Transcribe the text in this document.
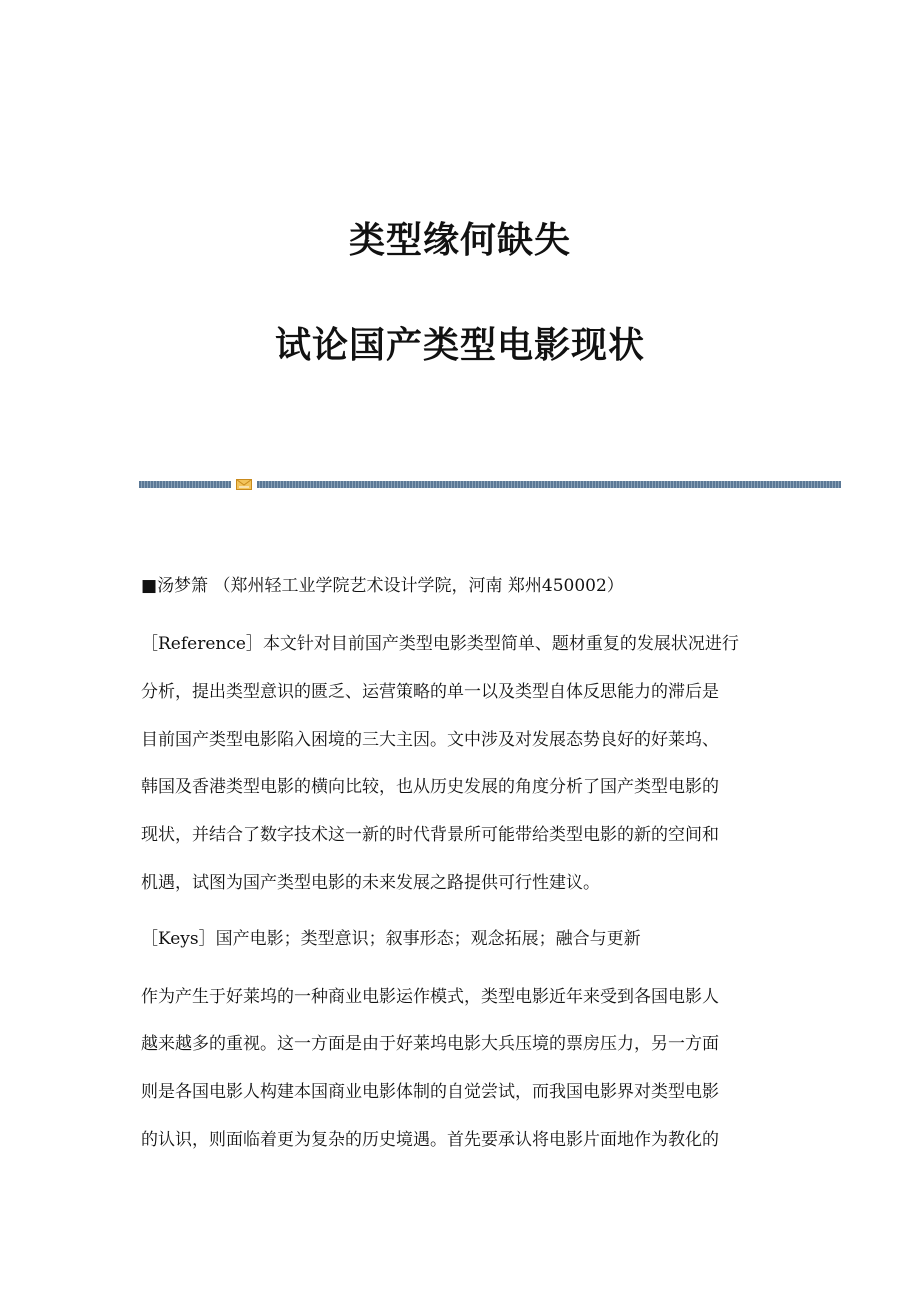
类型缘何缺失
试论国产类型电影现状
■汤梦箫 （郑州轻工业学院艺术设计学院，河南 郑州450002）
［Reference］本文针对目前国产类型电影类型简单、题材重复的发展状况进行
分析，提出类型意识的匮乏、运营策略的单一以及类型自体反思能力的滞后是
目前国产类型电影陷入困境的三大主因。文中涉及对发展态势良好的好莱坞、
韩国及香港类型电影的横向比较，也从历史发展的角度分析了国产类型电影的
现状，并结合了数字技术这一新的时代背景所可能带给类型电影的新的空间和
机遇，试图为国产类型电影的未来发展之路提供可行性建议。
［Keys］国产电影；类型意识；叙事形态；观念拓展；融合与更新
作为产生于好莱坞的一种商业电影运作模式，类型电影近年来受到各国电影人
越来越多的重视。这一方面是由于好莱坞电影大兵压境的票房压力，另一方面
则是各国电影人构建本国商业电影体制的自觉尝试，而我国电影界对类型电影
的认识，则面临着更为复杂的历史境遇。首先要承认将电影片面地作为教化的
